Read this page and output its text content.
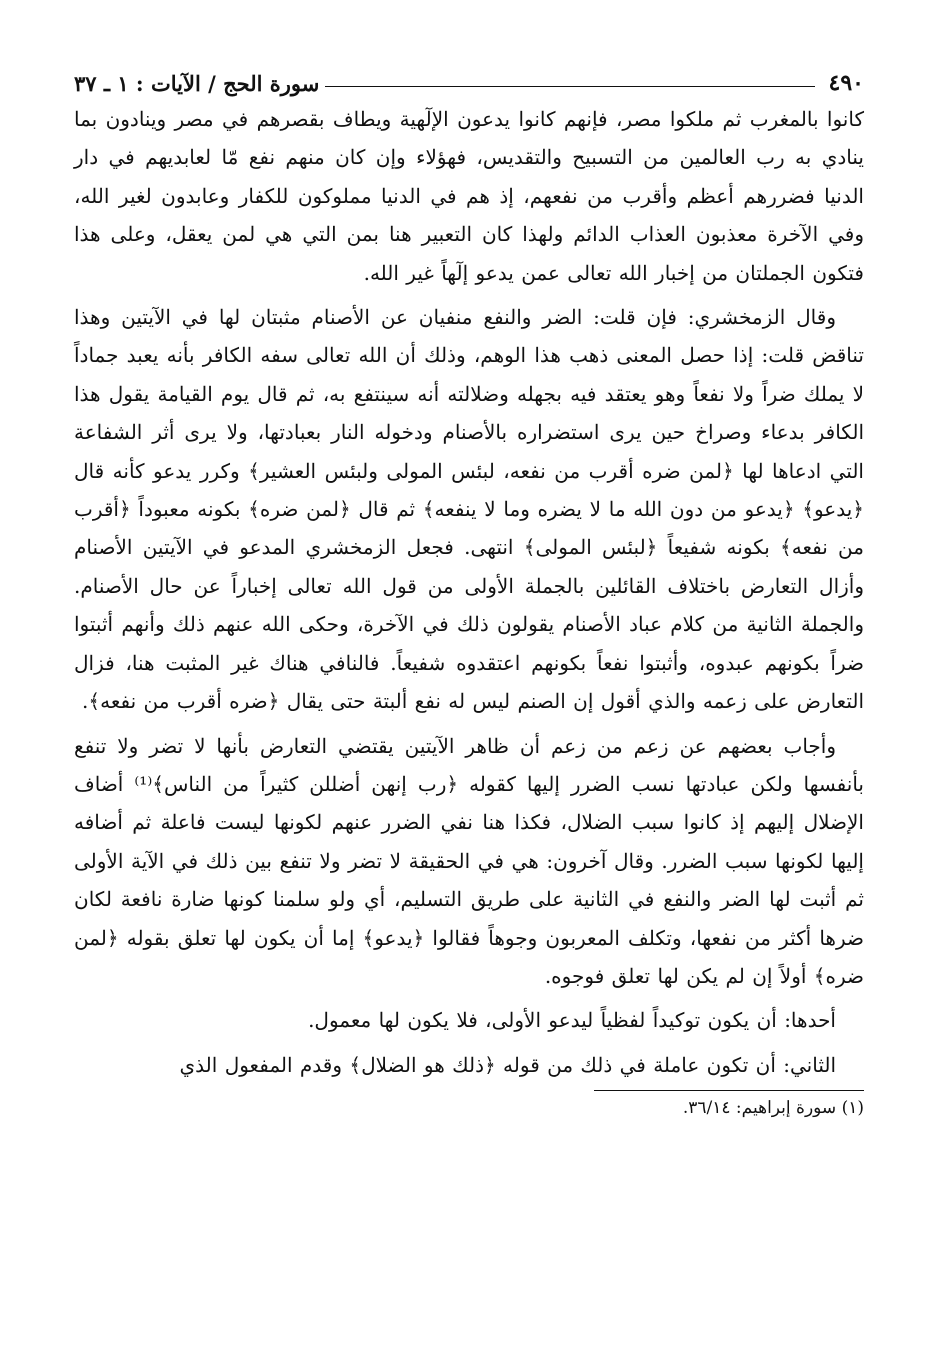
٤٩٠
سورة الحج / الآيات : ١ ـ ٣٧

كانوا بالمغرب ثم ملكوا مصر، فإنهم كانوا يدعون الإلٓهية ويطاف بقصرهم في مصر وينادون بما ينادي به رب العالمين من التسبيح والتقديس، فهؤلاء وإن كان منهم نفع مّا لعابديهم في دار الدنيا فضررهم أعظم وأقرب من نفعهم، إذ هم في الدنيا مملوكون للكفار وعابدون لغير الله، وفي الآخرة معذبون العذاب الدائم ولهذا كان التعبير هنا بمن التي هي لمن يعقل، وعلى هذا فتكون الجملتان من إخبار الله تعالى عمن يدعو إلٓهاً غير الله.

وقال الزمخشري: فإن قلت: الضر والنفع منفيان عن الأصنام مثبتان لها في الآيتين وهذا تناقض قلت: إذا حصل المعنى ذهب هذا الوهم، وذلك أن الله تعالى سفه الكافر بأنه يعبد جماداً لا يملك ضراً ولا نفعاً وهو يعتقد فيه بجهله وضلالته أنه سينتفع به، ثم قال يوم القيامة يقول هذا الكافر بدعاء وصراخ حين يرى استضراره بالأصنام ودخوله النار بعبادتها، ولا يرى أثر الشفاعة التي ادعاها لها ﴿لمن ضره أقرب من نفعه، لبئس المولى ولبئس العشير﴾ وكرر يدعو كأنه قال ﴿يدعو﴾ ﴿يدعو من دون الله ما لا يضره وما لا ينفعه﴾ ثم قال ﴿لمن ضره﴾ بكونه معبوداً ﴿أقرب من نفعه﴾ بكونه شفيعاً ﴿لبئس المولى﴾ انتهى. فجعل الزمخشري المدعو في الآيتين الأصنام وأزال التعارض باختلاف القائلين بالجملة الأولى من قول الله تعالى إخباراً عن حال الأصنام. والجملة الثانية من كلام عباد الأصنام يقولون ذلك في الآخرة، وحكى الله عنهم ذلك وأنهم أثبتوا ضراً بكونهم عبدوه، وأثبتوا نفعاً بكونهم اعتقدوه شفيعاً. فالنافي هناك غير المثبت هنا، فزال التعارض على زعمه والذي أقول إن الصنم ليس له نفع ألبتة حتى يقال ﴿ضره أقرب من نفعه﴾.

وأجاب بعضهم عن زعم من زعم أن ظاهر الآيتين يقتضي التعارض بأنها لا تضر ولا تنفع بأنفسها ولكن عبادتها نسب الضرر إليها كقوله ﴿رب إنهن أضللن كثيراً من الناس﴾⁽¹⁾ أضاف الإضلال إليهم إذ كانوا سبب الضلال، فكذا هنا نفي الضرر عنهم لكونها ليست فاعلة ثم أضافه إليها لكونها سبب الضرر. وقال آخرون: هي في الحقيقة لا تضر ولا تنفع بين ذلك في الآية الأولى ثم أثبت لها الضر والنفع في الثانية على طريق التسليم، أي ولو سلمنا كونها ضارة نافعة لكان ضرها أكثر من نفعها، وتكلف المعربون وجوهاً فقالوا ﴿يدعو﴾ إما أن يكون لها تعلق بقوله ﴿لمن ضره﴾ أولاً إن لم يكن لها تعلق فوجوه.

أحدها: أن يكون توكيداً لفظياً ليدعو الأولى، فلا يكون لها معمول.

الثاني: أن تكون عاملة في ذلك من قوله ﴿ذلك هو الضلال﴾ وقدم المفعول الذي

(١) سورة إبراهيم: ٣٦/١٤.
